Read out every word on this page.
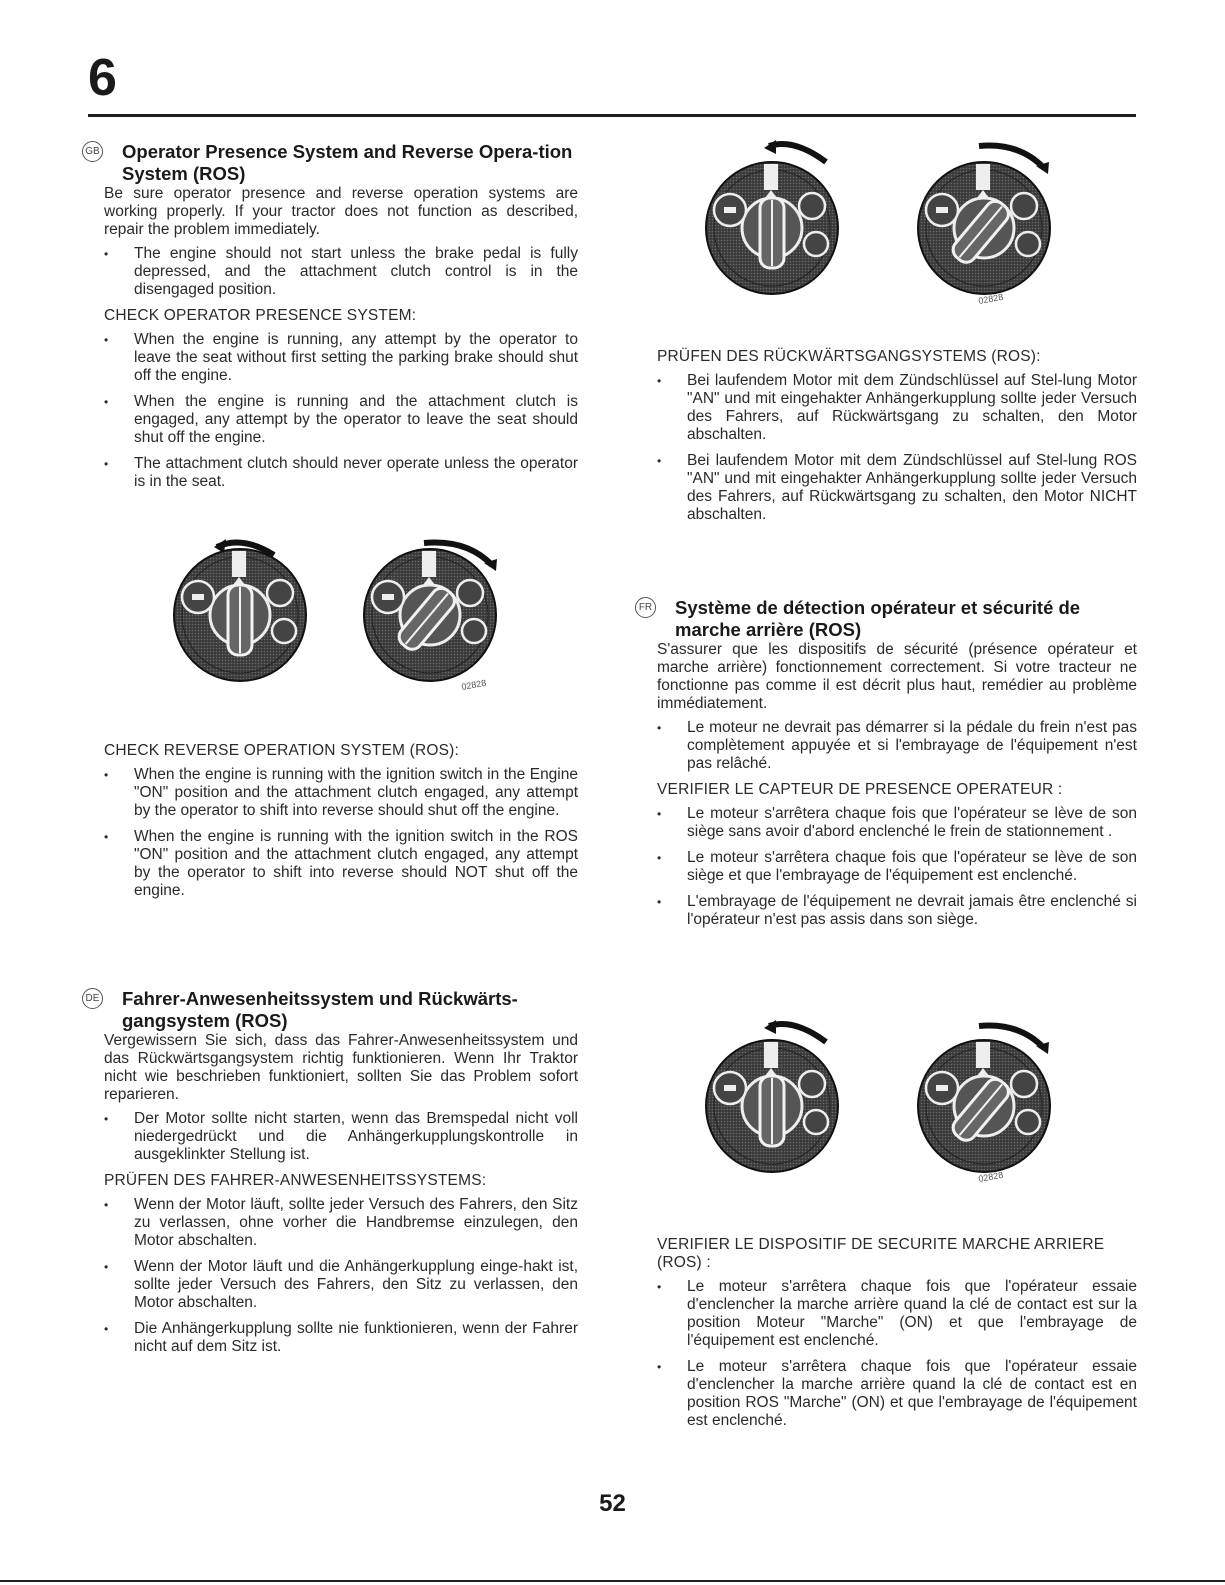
6
GB	Operator Presence System and Reverse Opera-tion System (ROS)

Be sure operator presence and reverse operation systems are working properly. If your tractor does not function as described, repair the problem immediately.

• The engine should not start unless the brake pedal is fully depressed, and the attachment clutch control is in the disengaged position.
CHECK OPERATOR PRESENCE SYSTEM:
• When the engine is running, any attempt by the operator to leave the seat without first setting the parking brake should shut off the engine.
• When the engine is running and the attachment clutch is engaged, any attempt by the operator to leave the seat should shut off the engine.
• The attachment clutch should never operate unless the operator is in the seat.
02828
CHECK REVERSE OPERATION SYSTEM (ROS):
• When the engine is running with the ignition switch in the Engine "ON" position and the attachment clutch engaged, any attempt by the operator to shift into reverse should shut off the engine.
• When the engine is running with the ignition switch in the ROS "ON" position and the attachment clutch engaged, any attempt by the operator to shift into reverse should NOT shut off the engine.
DE	Fahrer-Anwesenheitssystem und Rückwärts-gangsystem (ROS)

Vergewissern Sie sich, dass das Fahrer-Anwesenheitssystem und das Rückwärtsgangsystem richtig funktionieren. Wenn Ihr Traktor nicht wie beschrieben funktioniert, sollten Sie das Problem sofort reparieren.

• Der Motor sollte nicht starten, wenn das Bremspedal nicht voll niedergedrückt und die Anhängerkupplungskontrolle in ausgeklinkter Stellung ist.
PRÜFEN DES FAHRER-ANWESENHEITSSYSTEMS:
• Wenn der Motor läuft, sollte jeder Versuch des Fahrers, den Sitz zu verlassen, ohne vorher die Handbremse einzulegen, den Motor abschalten.
• Wenn der Motor läuft und die Anhängerkupplung einge-hakt ist, sollte jeder Versuch des Fahrers, den Sitz zu verlassen, den Motor abschalten.
• Die Anhängerkupplung sollte nie funktionieren, wenn der Fahrer nicht auf dem Sitz ist.
02828
PRÜFEN DES RÜCKWÄRTSGANGSYSTEMS (ROS):
• Bei laufendem Motor mit dem Zündschlüssel auf Stel-lung Motor "AN" und mit eingehakter Anhängerkupplung sollte jeder Versuch des Fahrers, auf Rückwärtsgang zu schalten, den Motor abschalten.
• Bei laufendem Motor mit dem Zündschlüssel auf Stel-lung ROS "AN" und mit eingehakter Anhängerkupplung sollte jeder Versuch des Fahrers, auf Rückwärtsgang zu schalten, den Motor NICHT abschalten.
FR	Système de détection opérateur et sécurité de marche arrière (ROS)

S'assurer que les dispositifs de sécurité (présence opérateur et marche arrière) fonctionnement correctement. Si votre tracteur ne fonctionne pas comme il est décrit plus haut, remédier au problème immédiatement.

• Le moteur ne devrait pas démarrer si la pédale du frein n'est pas complètement appuyée et si l'embrayage de l'équipement n'est pas relâché.
VERIFIER LE CAPTEUR DE PRESENCE OPERATEUR :
• Le moteur s'arrêtera chaque fois que l'opérateur se lève de son siège sans avoir d'abord enclenché le frein de stationnement .
• Le moteur s'arrêtera chaque fois que l'opérateur se lève de son siège et que l'embrayage de l'équipement est enclenché.
• L'embrayage de l'équipement ne devrait jamais être enclenché si l'opérateur n'est pas assis dans son siège.
02828
VERIFIER LE DISPOSITIF DE SECURITE MARCHE ARRIERE (ROS) :
• Le moteur s'arrêtera chaque fois que l'opérateur essaie d'enclencher la marche arrière quand la clé de contact est sur la position Moteur "Marche" (ON) et que l'embrayage de l'équipement est enclenché.
• Le moteur s'arrêtera chaque fois que l'opérateur essaie d'enclencher la marche arrière quand la clé de contact est en position ROS "Marche" (ON) et que l'embrayage de l'équipement est enclenché.
52
